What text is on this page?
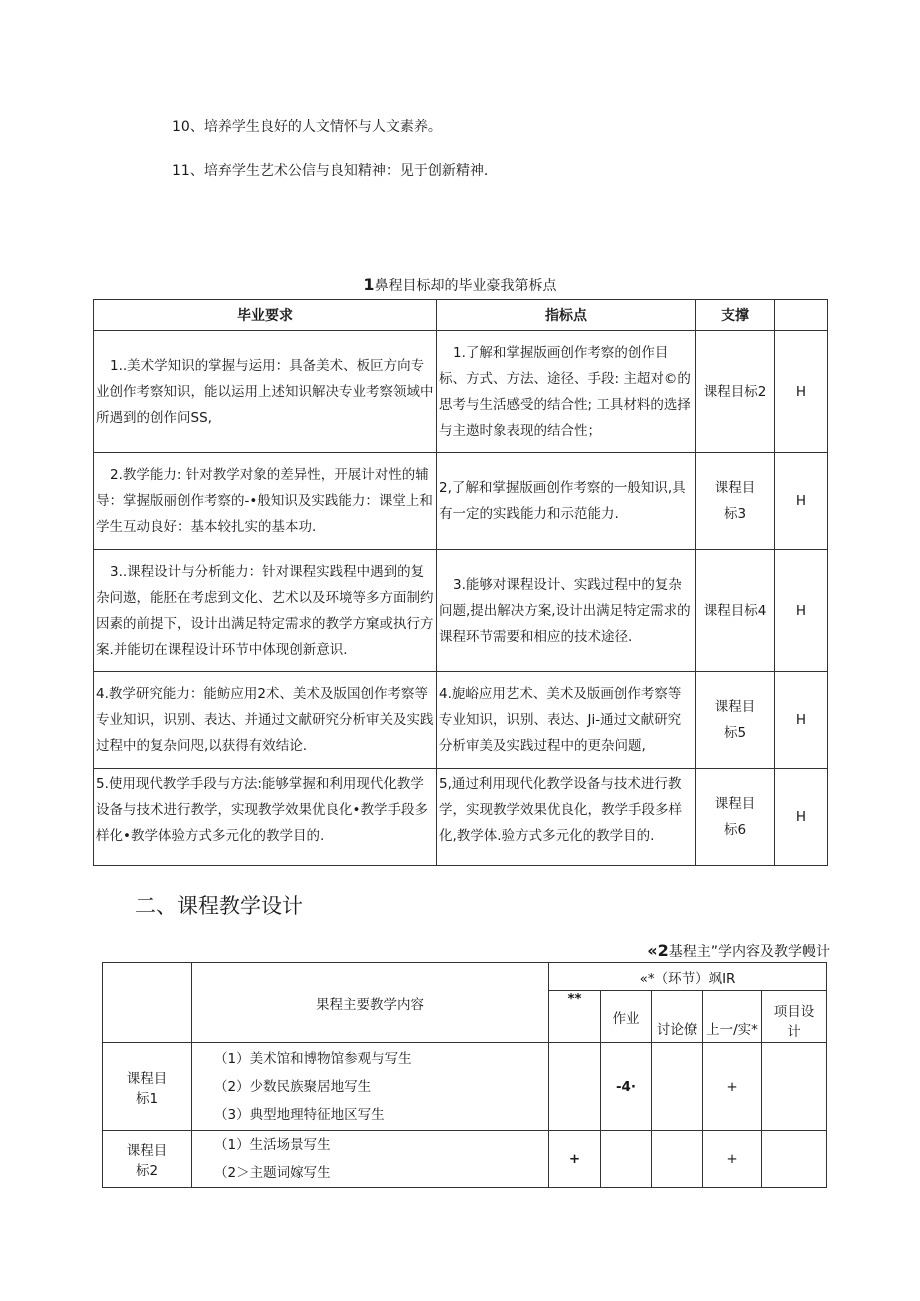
10、培养学生良好的人文情怀与人文素养。
11、培弃学生艺术公信与良知精神：见于创新精神.
1鼻程目标却的毕业豪我第柝点
毕业要求	指标点	支撑	
1..美术学知识的掌握与运用：具备美术、板叵方向专业创作考察知识，能以运用上述知识解决专业考察领域中所遇到的创作问SS,	1.了解和掌握版画创作考察的创作目标、方式、方法、途径、手段: 主超对©的思考与生活感受的结合性; 工具材料的选择与主遨时象表现的结合性；	课程目标2	H
2.教学能力: 针对教学对象的差异性，开展计对性的辅导：掌握版丽创作考察的-•般知识及实践能力：课堂上和学生互动良好：基本较扎实的基本功.	2,了解和掌握版画创作考察的一般知识,具有一定的实践能力和示范能力.	课程目标3	H
3..课程设计与分析能力：针对课程实践程中遇到的复杂问遨，能胚在考虑到文化、艺术以及环境等多方面制约因素的前提下，设计出满足特定需求的教学方窠或执行方案.并能切在课程设计环节中体现创新意识.	3.能够对课程设计、实践过程中的复杂问题,提出解决方案,设计出满足特定需求的课程环节需要和相应的技术途径.	课程目标4	H
4.教学研究能力：能鲂应用2术、美术及版国创作考察等专业知识，识别、表达、并通过文献研究分析审关及实践过程中的复杂问咫,以获得有效结论.	4.旎峪应用艺术、美术及版画创作考察等专业知识，识别、表达、Ji-通过文献研究分析审美及实践过程中的更杂问题,	课程目标5	H
5.使用现代教学手段与方法:能够掌握和利用现代化教学设备与技术进行教学，实现教学效果优良化•教学手段多样化•教学体验方式多元化的教学目的.	5,通过利用现代化教学设备与技术进行教学，实现教学效果优良化，教学手段多样化,教学体.验方式多元化的教学目的.	课程目标6	H
二、课程教学设计
«2基程主”学内容及教学幔计
	果程主要教学内容	«*（环节）飒IR				
		**	作业	讨论僚	上一/实*	项目设计
课程目标1	（1）美术馆和博物馆参观与写生
（2）少数民族聚居地写生
（3）典型地理特征地区写生		-4·		+	
课程目标2	（1）生活场景写生
（2＞主题词嫁写生	+			+	
